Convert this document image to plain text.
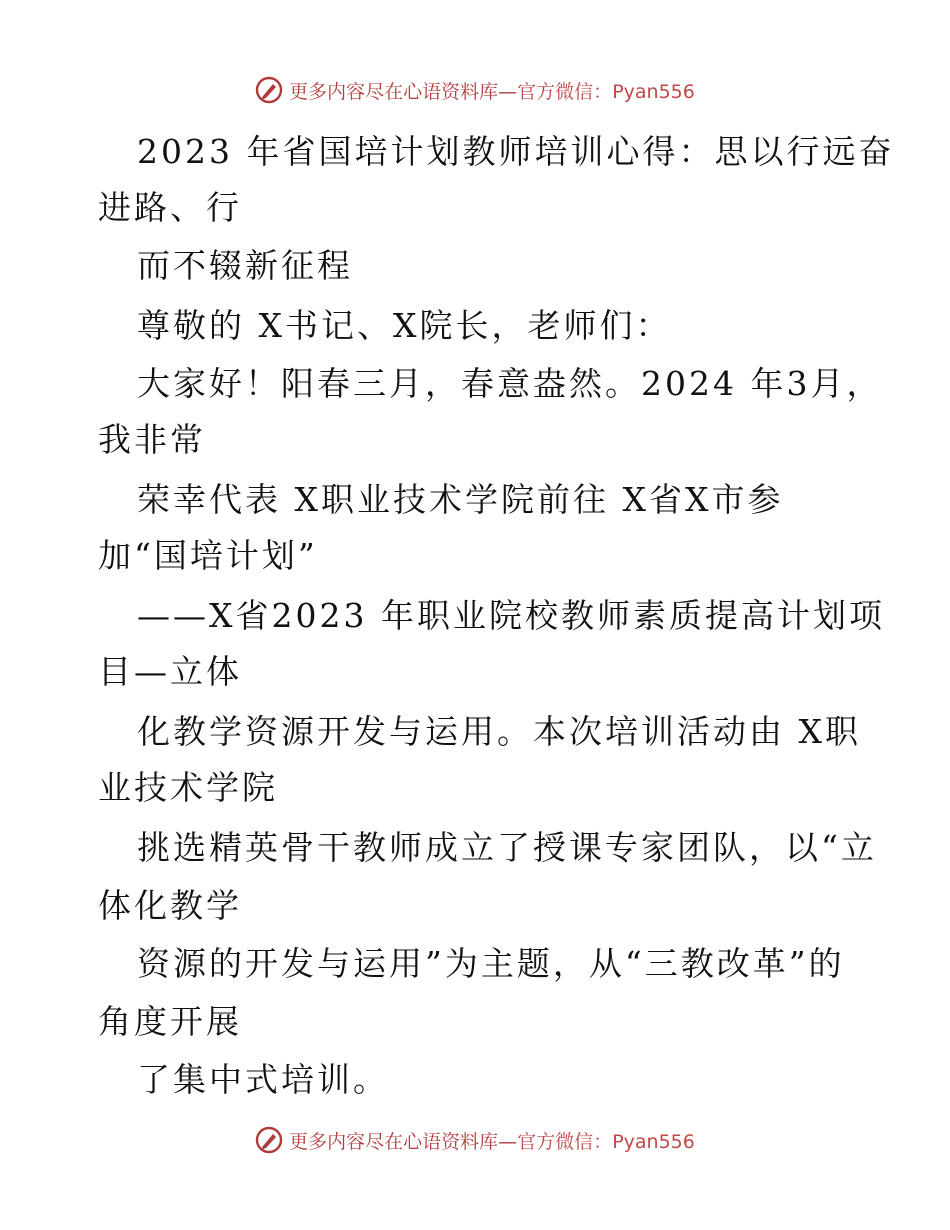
更多内容尽在心语资料库—官方微信：Pyan556
2023 年省国培计划教师培训心得：思以行远奋
进路、行
而不辍新征程
尊敬的 X书记、X院长，老师们：
大家好！阳春三月，春意盎然。2024 年3月，
我非常
荣幸代表 X职业技术学院前往 X省X市参
加“国培计划”
——X省2023 年职业院校教师素质提高计划项
目—立体
化教学资源开发与运用。本次培训活动由 X职
业技术学院
挑选精英骨干教师成立了授课专家团队，以“立
体化教学
资源的开发与运用”为主题，从“三教改革”的
角度开展
了集中式培训。
更多内容尽在心语资料库—官方微信：Pyan556
